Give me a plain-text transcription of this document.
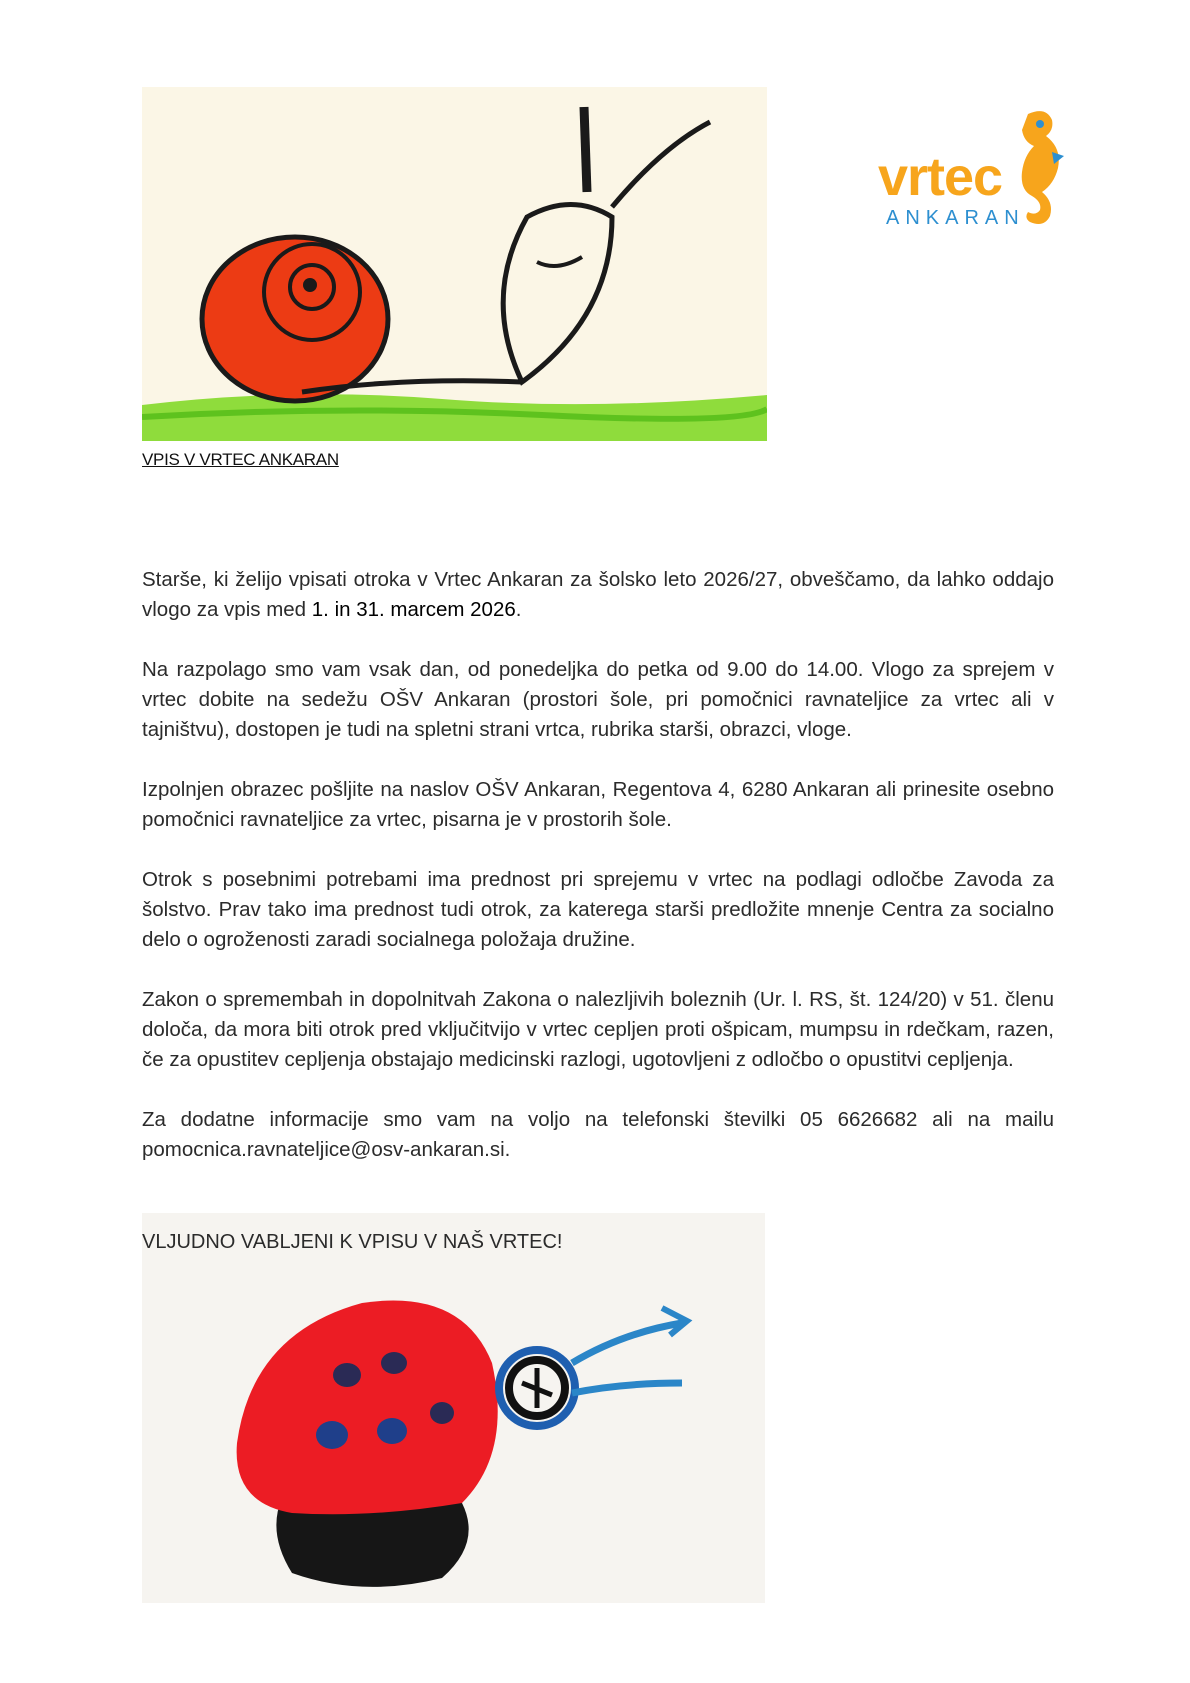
vrtec
ANKARAN
VPIS V VRTEC ANKARAN

Starše, ki želijo vpisati otroka v Vrtec Ankaran za šolsko leto 2026/27, obveščamo, da lahko oddajo vlogo za vpis med 1. in 31. marcem 2026.

Na razpolago smo vam vsak dan, od ponedeljka do petka od 9.00 do 14.00. Vlogo za sprejem v vrtec dobite na sedežu OŠV Ankaran (prostori šole, pri pomočnici ravnateljice za vrtec ali v tajništvu), dostopen je tudi na spletni strani vrtca, rubrika starši, obrazci, vloge.

Izpolnjen obrazec pošljite na naslov OŠV Ankaran, Regentova 4, 6280 Ankaran ali prinesite osebno pomočnici ravnateljice za vrtec, pisarna je v prostorih šole.

Otrok s posebnimi potrebami ima prednost pri sprejemu v vrtec na podlagi odločbe Zavoda za šolstvo. Prav tako ima prednost tudi otrok, za katerega starši predložite mnenje Centra za socialno delo o ogroženosti zaradi socialnega položaja družine.

Zakon o spremembah in dopolnitvah Zakona o nalezljivih boleznih (Ur. l. RS, št. 124/20) v 51. členu določa, da mora biti otrok pred vključitvijo v vrtec cepljen proti ošpicam, mumpsu in rdečkam, razen, če za opustitev cepljenja obstajajo medicinski razlogi, ugotovljeni z odločbo o opustitvi cepljenja.

Za dodatne informacije smo vam na voljo na telefonski številki 05 6626682 ali na mailu pomocnica.ravnateljice@osv-ankaran.si.

VLJUDNO VABLJENI K VPISU V NAŠ VRTEC!
